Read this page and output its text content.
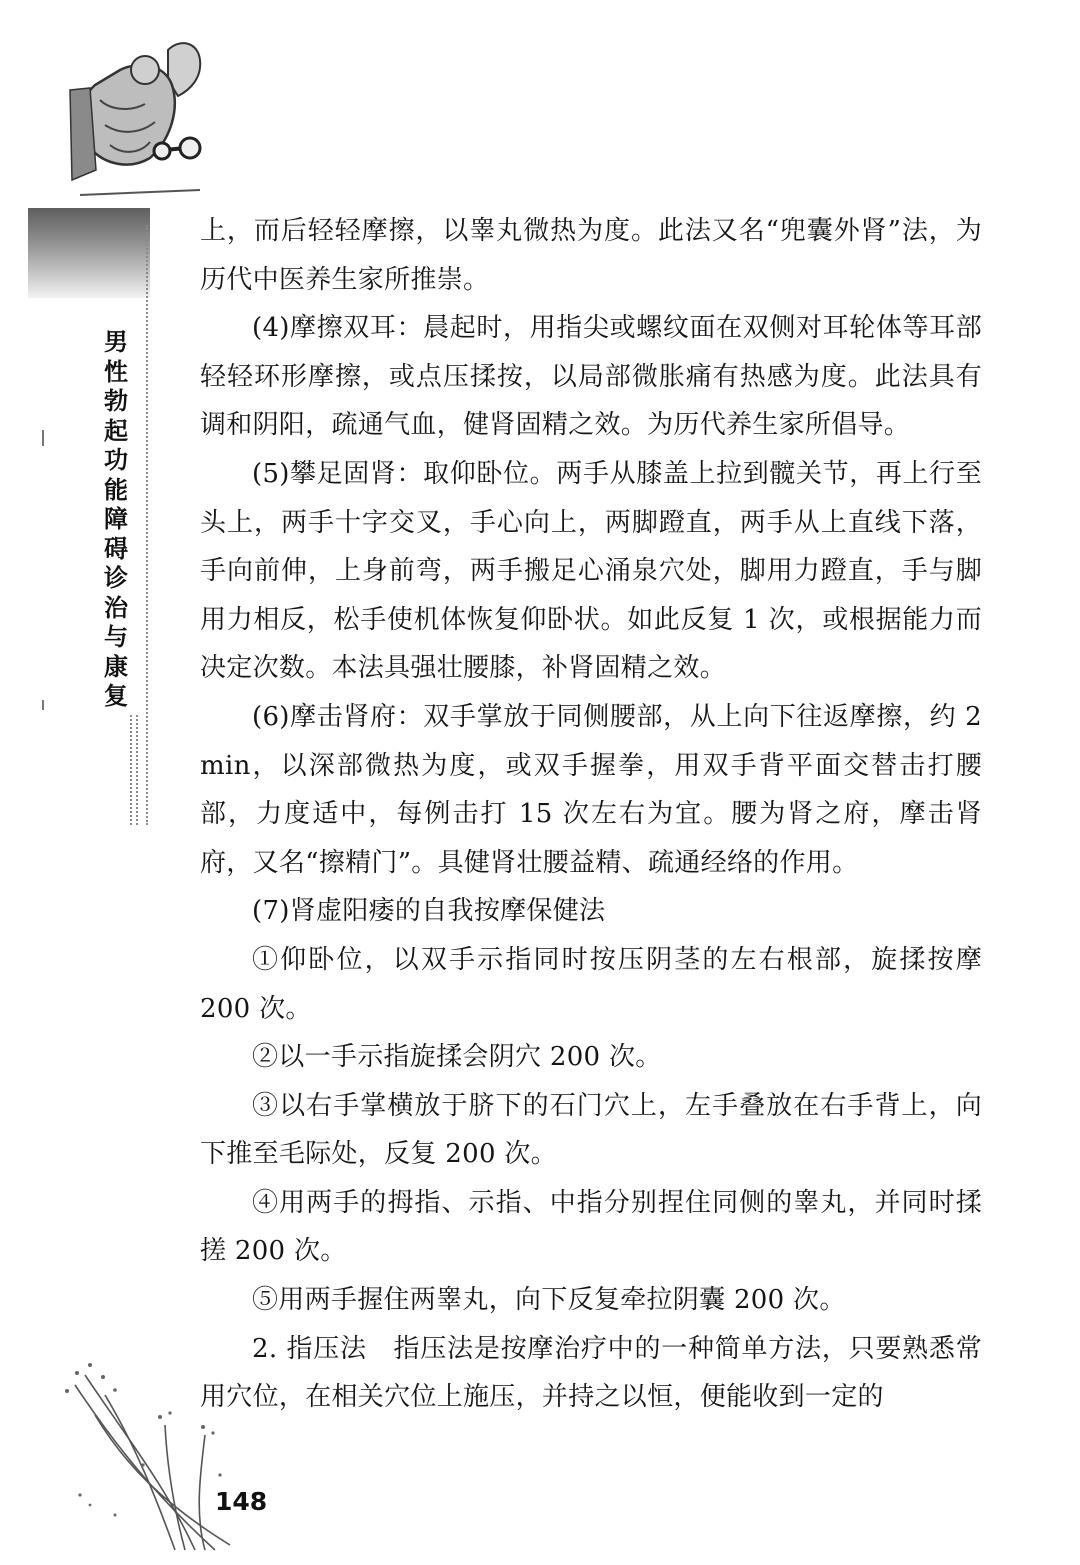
男性勃起功能障碍诊治与康复

上，而后轻轻摩擦，以睾丸微热为度。此法又名“兜囊外肾”法，为历代中医养生家所推崇。

(4)摩擦双耳：晨起时，用指尖或螺纹面在双侧对耳轮体等耳部轻轻环形摩擦，或点压揉按，以局部微胀痛有热感为度。此法具有调和阴阳，疏通气血，健肾固精之效。为历代养生家所倡导。

(5)攀足固肾：取仰卧位。两手从膝盖上拉到髋关节，再上行至头上，两手十字交叉，手心向上，两脚蹬直，两手从上直线下落，手向前伸，上身前弯，两手搬足心涌泉穴处，脚用力蹬直，手与脚用力相反，松手使机体恢复仰卧状。如此反复 1 次，或根据能力而决定次数。本法具强壮腰膝，补肾固精之效。

(6)摩击肾府：双手掌放于同侧腰部，从上向下往返摩擦，约 2 min，以深部微热为度，或双手握拳，用双手背平面交替击打腰部，力度适中，每例击打 15 次左右为宜。腰为肾之府，摩击肾府，又名“擦精门”。具健肾壮腰益精、疏通经络的作用。

(7)肾虚阳痿的自我按摩保健法

①仰卧位，以双手示指同时按压阴茎的左右根部，旋揉按摩 200 次。

②以一手示指旋揉会阴穴 200 次。

③以右手掌横放于脐下的石门穴上，左手叠放在右手背上，向下推至毛际处，反复 200 次。

④用两手的拇指、示指、中指分别捏住同侧的睾丸，并同时揉搓 200 次。

⑤用两手握住两睾丸，向下反复牵拉阴囊 200 次。

2. 指压法　指压法是按摩治疗中的一种简单方法，只要熟悉常用穴位，在相关穴位上施压，并持之以恒，便能收到一定的

148
